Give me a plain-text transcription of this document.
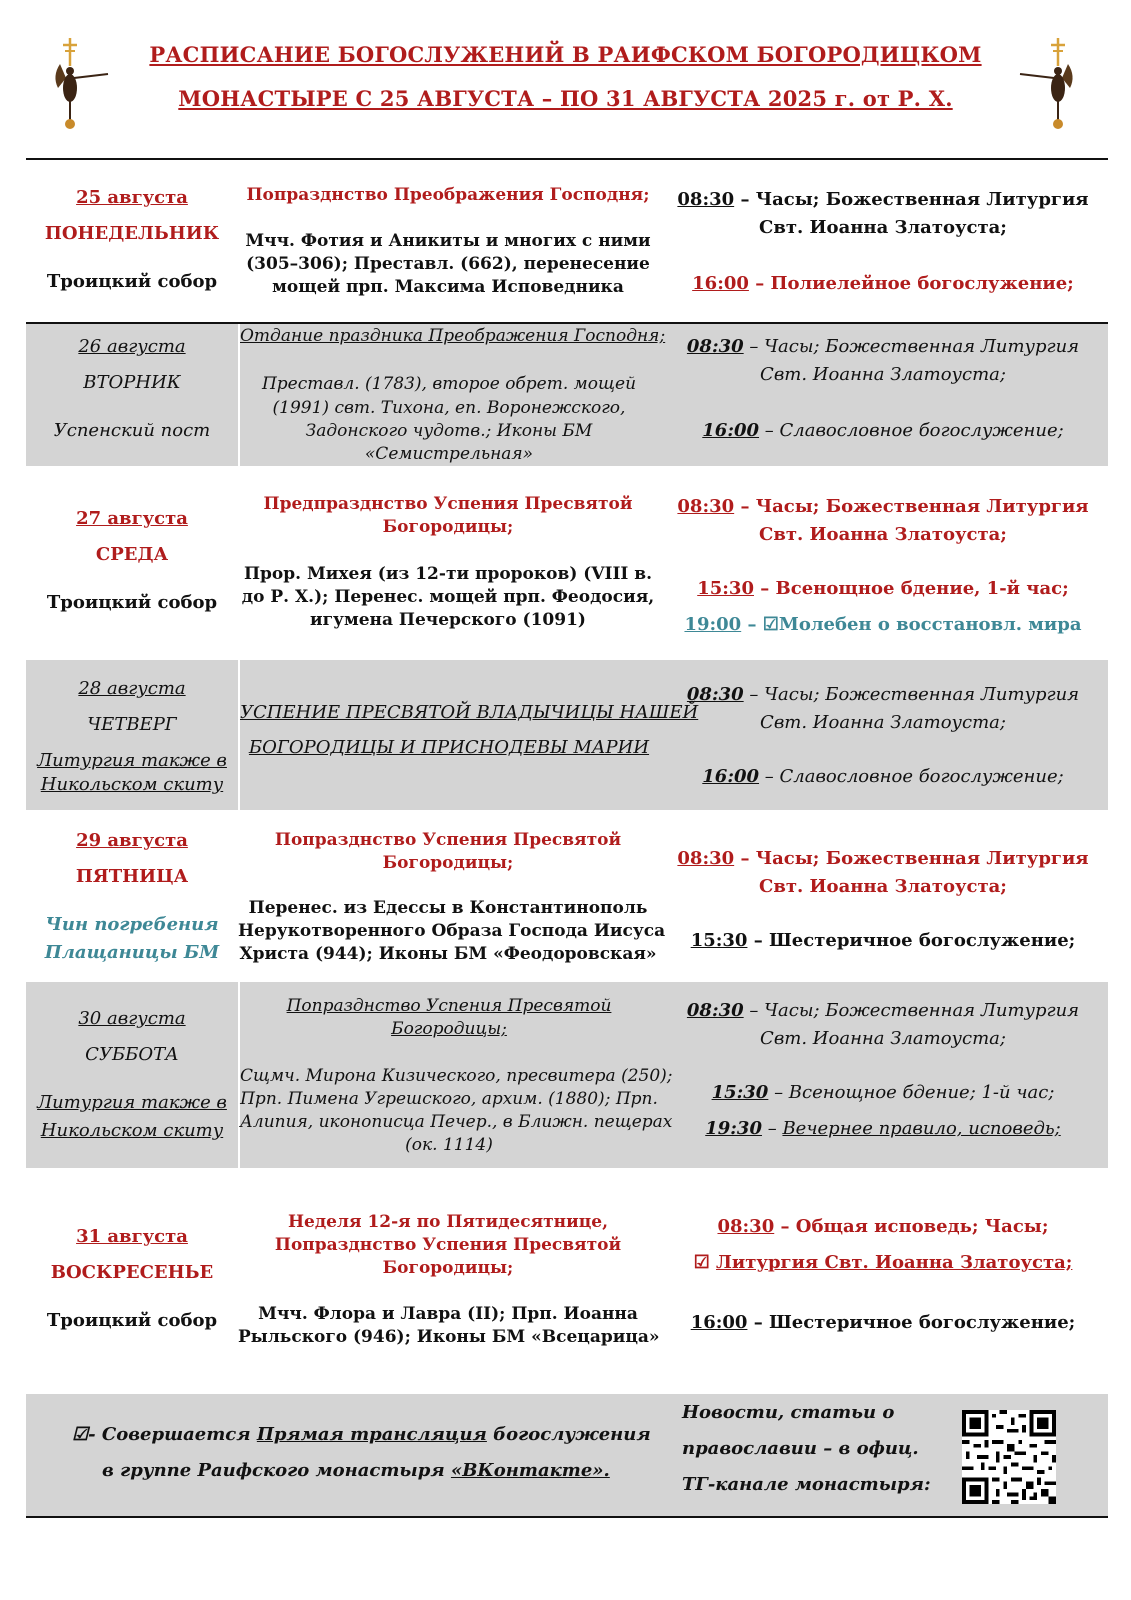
РАСПИСАНИЕ БОГОСЛУЖЕНИЙ В РАИФСКОМ БОГОРОДИЦКОМ
МОНАСТЫРЕ С 25 АВГУСТА – ПО 31 АВГУСТА 2025 г. от Р. Х.
25 августа
ПОНЕДЕЛЬНИК
Троицкий собор
Попразднство Преображения Господня;
Мчч. Фотия и Аникиты и многих с ними
(305–306); Преставл. (662), перенесение
мощей прп. Максима Исповедника
08:30 – Часы; Божественная Литургия
Свт. Иоанна Златоуста;
16:00 – Полиелейное богослужение;
26 августа
ВТОРНИК
Успенский пост
Отдание праздника Преображения Господня;
Преставл. (1783), второе обрет. мощей
(1991) свт. Тихона, еп. Воронежского,
Задонского чудотв.; Иконы БМ
«Семистрельная»
08:30 – Часы; Божественная Литургия
Свт. Иоанна Златоуста;
16:00 – Славословное богослужение;
27 августа
СРЕДА
Троицкий собор
Предпразднство Успения Пресвятой
Богородицы;
Прор. Михея (из 12-ти пророков) (VIII в.
до Р. Х.); Перенес. мощей прп. Феодосия,
игумена Печерского (1091)
08:30 – Часы; Божественная Литургия
Свт. Иоанна Златоуста;
15:30 – Всенощное бдение, 1-й час;
19:00 – ☑Молебен о восстановл. мира
28 августа
ЧЕТВЕРГ
Литургия также в
Никольском скиту
УСПЕНИЕ ПРЕСВЯТОЙ ВЛАДЫЧИЦЫ НАШЕЙ
БОГОРОДИЦЫ И ПРИСНОДЕВЫ МАРИИ
08:30 – Часы; Божественная Литургия
Свт. Иоанна Златоуста;
16:00 – Славословное богослужение;
29 августа
ПЯТНИЦА
Чин погребения
Плащаницы БМ
Попразднство Успения Пресвятой
Богородицы;
Перенес. из Едессы в Константинополь
Нерукотворенного Образа Господа Иисуса
Христа (944); Иконы БМ «Феодоровская»
08:30 – Часы; Божественная Литургия
Свт. Иоанна Златоуста;
15:30 – Шестеричное богослужение;
30 августа
СУББОТА
Литургия также в
Никольском скиту
Попразднство Успения Пресвятой
Богородицы;
Сщмч. Мирона Кизического, пресвитера (250);
Прп. Пимена Угрешского, архим. (1880); Прп.
Алипия, иконописца Печер., в Ближн. пещерах
(ок. 1114)
08:30 – Часы; Божественная Литургия
Свт. Иоанна Златоуста;
15:30 – Всенощное бдение; 1-й час;
19:30 – Вечернее правило, исповедь;
31 августа
ВОСКРЕСЕНЬЕ
Троицкий собор
Неделя 12-я по Пятидесятнице,
Попразднство Успения Пресвятой
Богородицы;
Мчч. Флора и Лавра (II); Прп. Иоанна
Рыльского (946); Иконы БМ «Всецарица»
08:30 – Общая исповедь; Часы;
☑ Литургия Свт. Иоанна Златоуста;
16:00 – Шестеричное богослужение;
☑- Совершается Прямая трансляция богослужения
в группе Раифского монастыря «ВКонтакте».
Новости, статьи о
православии – в офиц.
ТГ-канале монастыря:
